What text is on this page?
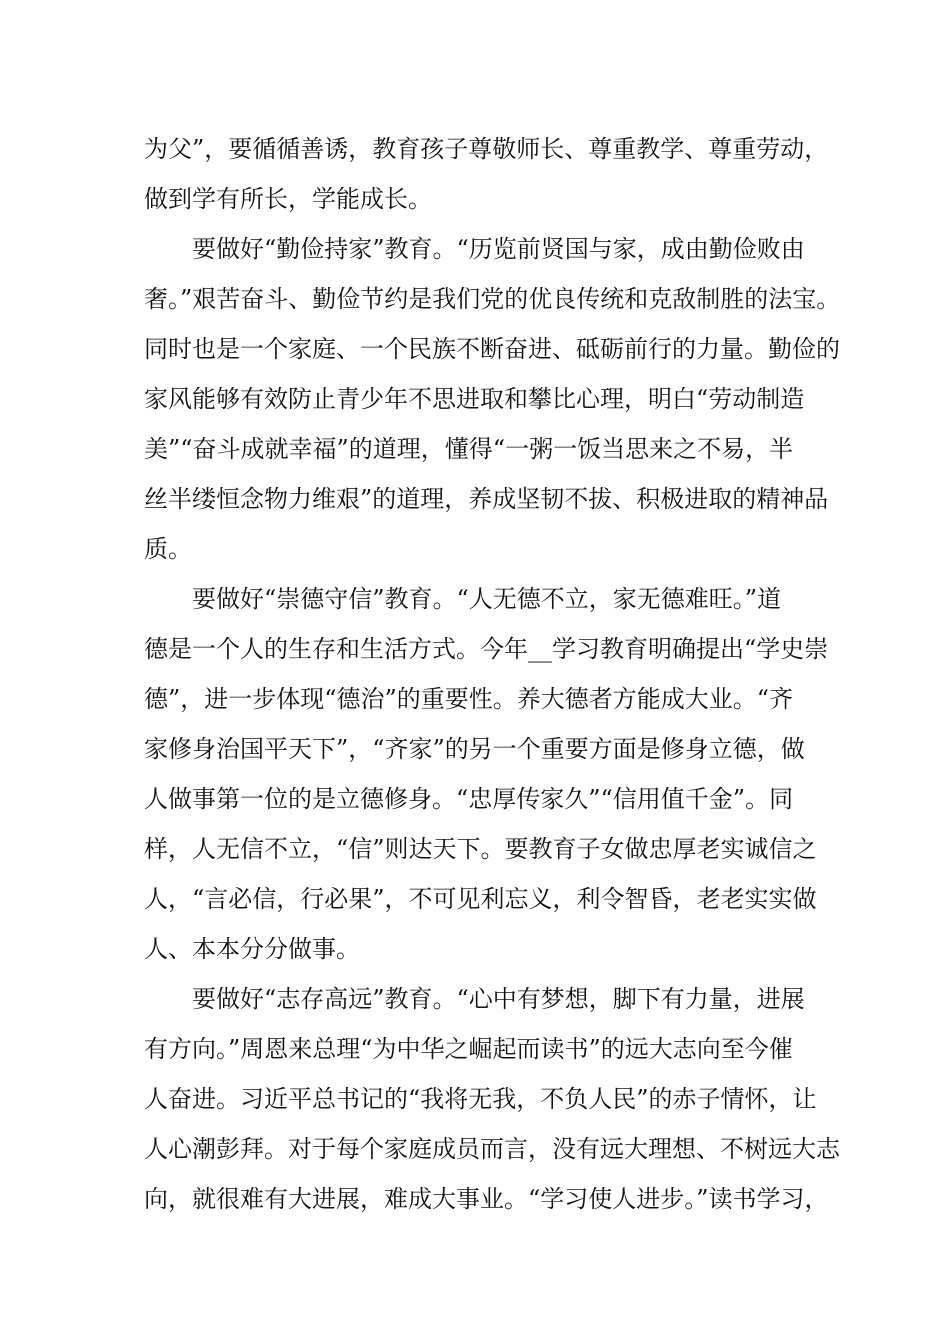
为父”，要循循善诱，教育孩子尊敬师长、尊重教学、尊重劳动，
做到学有所长，学能成长。
要做好“勤俭持家”教育。“历览前贤国与家，成由勤俭败由
奢。”艰苦奋斗、勤俭节约是我们党的优良传统和克敌制胜的法宝。
同时也是一个家庭、一个民族不断奋进、砥砺前行的力量。勤俭的
家风能够有效防止青少年不思进取和攀比心理，明白“劳动制造
美”“奋斗成就幸福”的道理，懂得“一粥一饭当思来之不易，半
丝半缕恒念物力维艰”的道理，养成坚韧不拔、积极进取的精神品
质。
要做好“崇德守信”教育。“人无德不立，家无德难旺。”道
德是一个人的生存和生活方式。今年__学习教育明确提出“学史崇
德”，进一步体现“德治”的重要性。养大德者方能成大业。“齐
家修身治国平天下”，“齐家”的另一个重要方面是修身立德，做
人做事第一位的是立德修身。“忠厚传家久”“信用值千金”。同
样，人无信不立，“信”则达天下。要教育子女做忠厚老实诚信之
人，“言必信，行必果”，不可见利忘义，利令智昏，老老实实做
人、本本分分做事。
要做好“志存高远”教育。“心中有梦想，脚下有力量，进展
有方向。”周恩来总理“为中华之崛起而读书”的远大志向至今催
人奋进。习近平总书记的“我将无我，不负人民”的赤子情怀，让
人心潮彭拜。对于每个家庭成员而言，没有远大理想、不树远大志
向，就很难有大进展，难成大事业。“学习使人进步。”读书学习，
